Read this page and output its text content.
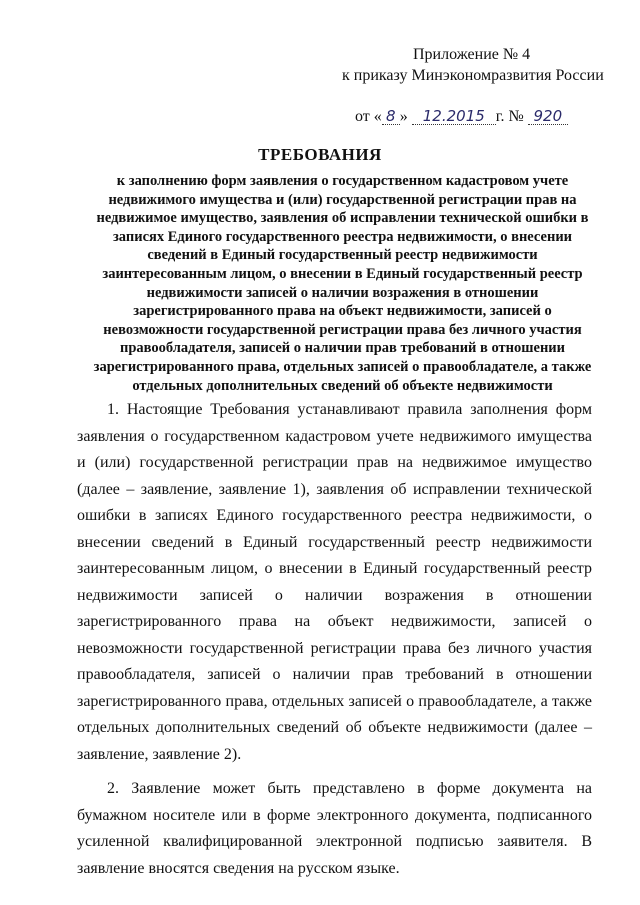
Приложение № 4
к приказу Минэкономразвития России
от « 8 » 12.2015 г. № 920
ТРЕБОВАНИЯ
к заполнению форм заявления о государственном кадастровом учете недвижимого имущества и (или) государственной регистрации прав на недвижимое имущество, заявления об исправлении технической ошибки в записях Единого государственного реестра недвижимости, о внесении сведений в Единый государственный реестр недвижимости заинтересованным лицом, о внесении в Единый государственный реестр недвижимости записей о наличии возражения в отношении зарегистрированного права на объект недвижимости, записей о невозможности государственной регистрации права без личного участия правообладателя, записей о наличии прав требований в отношении зарегистрированного права, отдельных записей о правообладателе, а также отдельных дополнительных сведений об объекте недвижимости

1. Настоящие Требования устанавливают правила заполнения форм заявления о государственном кадастровом учете недвижимого имущества и (или) государственной регистрации прав на недвижимое имущество (далее – заявление, заявление 1), заявления об исправлении технической ошибки в записях Единого государственного реестра недвижимости, о внесении сведений в Единый государственный реестр недвижимости заинтересованным лицом, о внесении в Единый государственный реестр недвижимости записей о наличии возражения в отношении зарегистрированного права на объект недвижимости, записей о невозможности государственной регистрации права без личного участия правообладателя, записей о наличии прав требований в отношении зарегистрированного права, отдельных записей о правообладателе, а также отдельных дополнительных сведений об объекте недвижимости (далее – заявление, заявление 2).

2. Заявление может быть представлено в форме документа на бумажном носителе или в форме электронного документа, подписанного усиленной квалифицированной электронной подписью заявителя. В заявление вносятся сведения на русском языке.
